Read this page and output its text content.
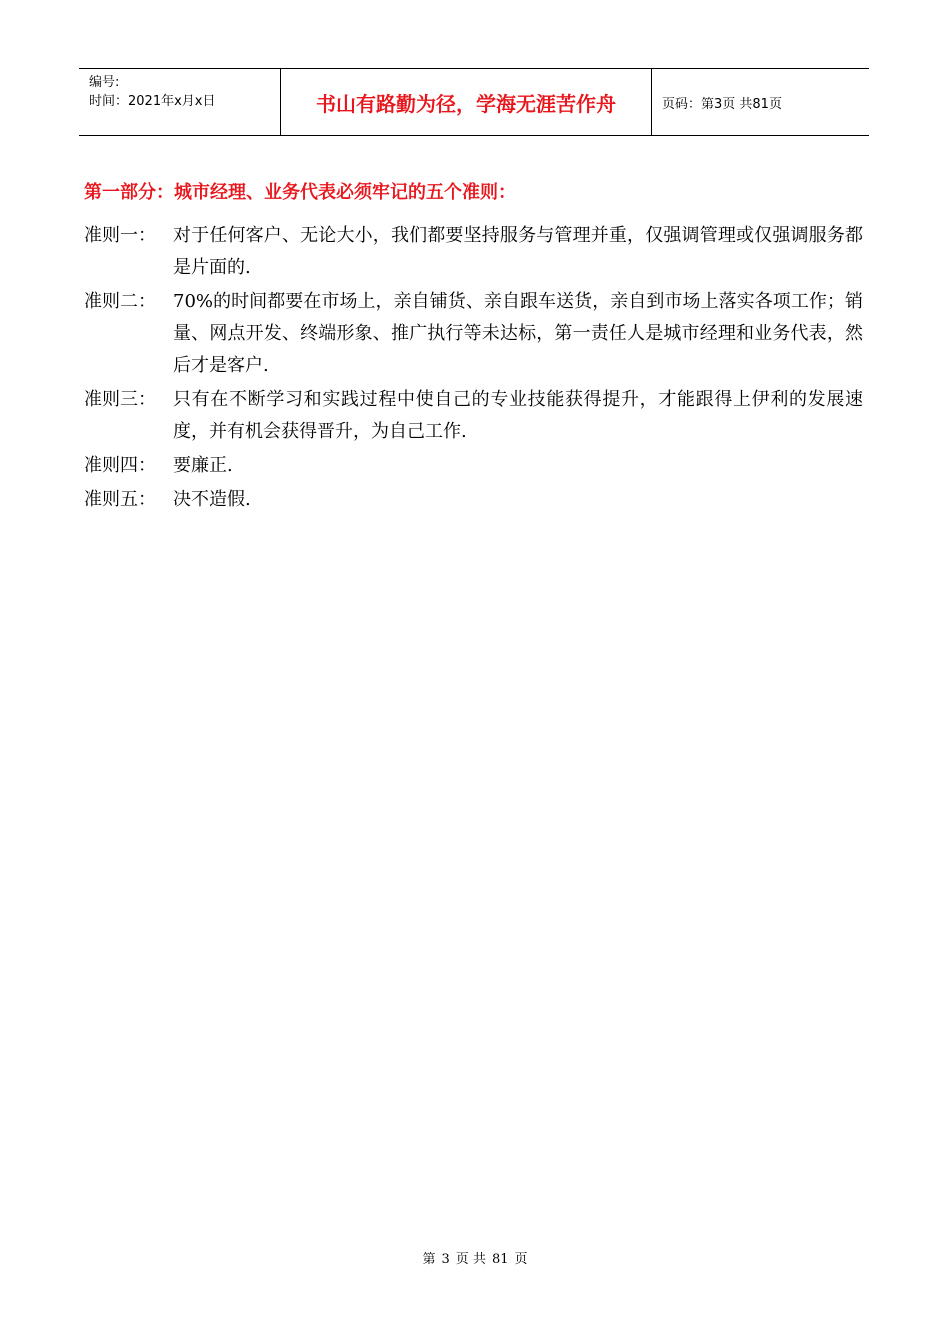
编号:
时间：2021年x月x日	书山有路勤为径，学海无涯苦作舟	页码：第3页 共81页
第一部分：城市经理、业务代表必须牢记的五个准则：
准则一： 对于任何客户、无论大小，我们都要坚持服务与管理并重，仅强调管理或仅强调服务都是片面的.
准则二： 70%的时间都要在市场上，亲自铺货、亲自跟车送货，亲自到市场上落实各项工作；销量、网点开发、终端形象、推广执行等未达标，第一责任人是城市经理和业务代表，然后才是客户.
准则三： 只有在不断学习和实践过程中使自己的专业技能获得提升，才能跟得上伊利的发展速度，并有机会获得晋升，为自己工作.
准则四： 要廉正.
准则五： 决不造假.
第 3 页 共 81 页
